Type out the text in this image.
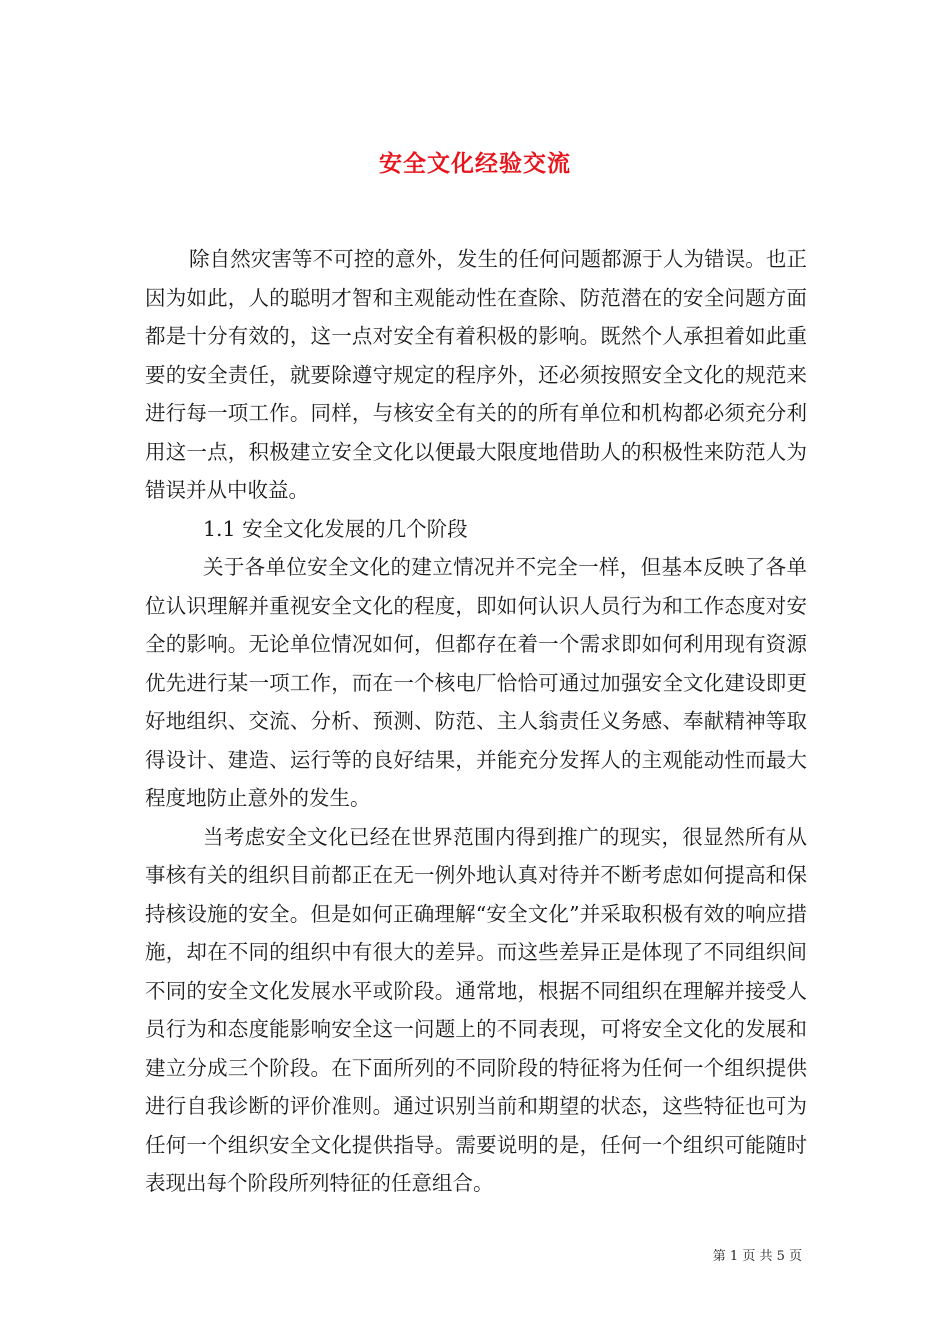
安全文化经验交流

除自然灾害等不可控的意外，发生的任何问题都源于人为错误。也正因为如此，人的聪明才智和主观能动性在查除、防范潜在的安全问题方面都是十分有效的，这一点对安全有着积极的影响。既然个人承担着如此重要的安全责任，就要除遵守规定的程序外，还必须按照安全文化的规范来进行每一项工作。同样，与核安全有关的的所有单位和机构都必须充分利用这一点，积极建立安全文化以便最大限度地借助人的积极性来防范人为错误并从中收益。

1.1 安全文化发展的几个阶段

关于各单位安全文化的建立情况并不完全一样，但基本反映了各单位认识理解并重视安全文化的程度，即如何认识人员行为和工作态度对安全的影响。无论单位情况如何，但都存在着一个需求即如何利用现有资源优先进行某一项工作，而在一个核电厂恰恰可通过加强安全文化建设即更好地组织、交流、分析、预测、防范、主人翁责任义务感、奉献精神等取得设计、建造、运行等的良好结果，并能充分发挥人的主观能动性而最大程度地防止意外的发生。

当考虑安全文化已经在世界范围内得到推广的现实，很显然所有从事核有关的组织目前都正在无一例外地认真对待并不断考虑如何提高和保持核设施的安全。但是如何正确理解“安全文化”并采取积极有效的响应措施，却在不同的组织中有很大的差异。而这些差异正是体现了不同组织间不同的安全文化发展水平或阶段。通常地，根据不同组织在理解并接受人员行为和态度能影响安全这一问题上的不同表现，可将安全文化的发展和建立分成三个阶段。在下面所列的不同阶段的特征将为任何一个组织提供进行自我诊断的评价准则。通过识别当前和期望的状态，这些特征也可为任何一个组织安全文化提供指导。需要说明的是，任何一个组织可能随时表现出每个阶段所列特征的任意组合。

第 1 页 共 5 页
